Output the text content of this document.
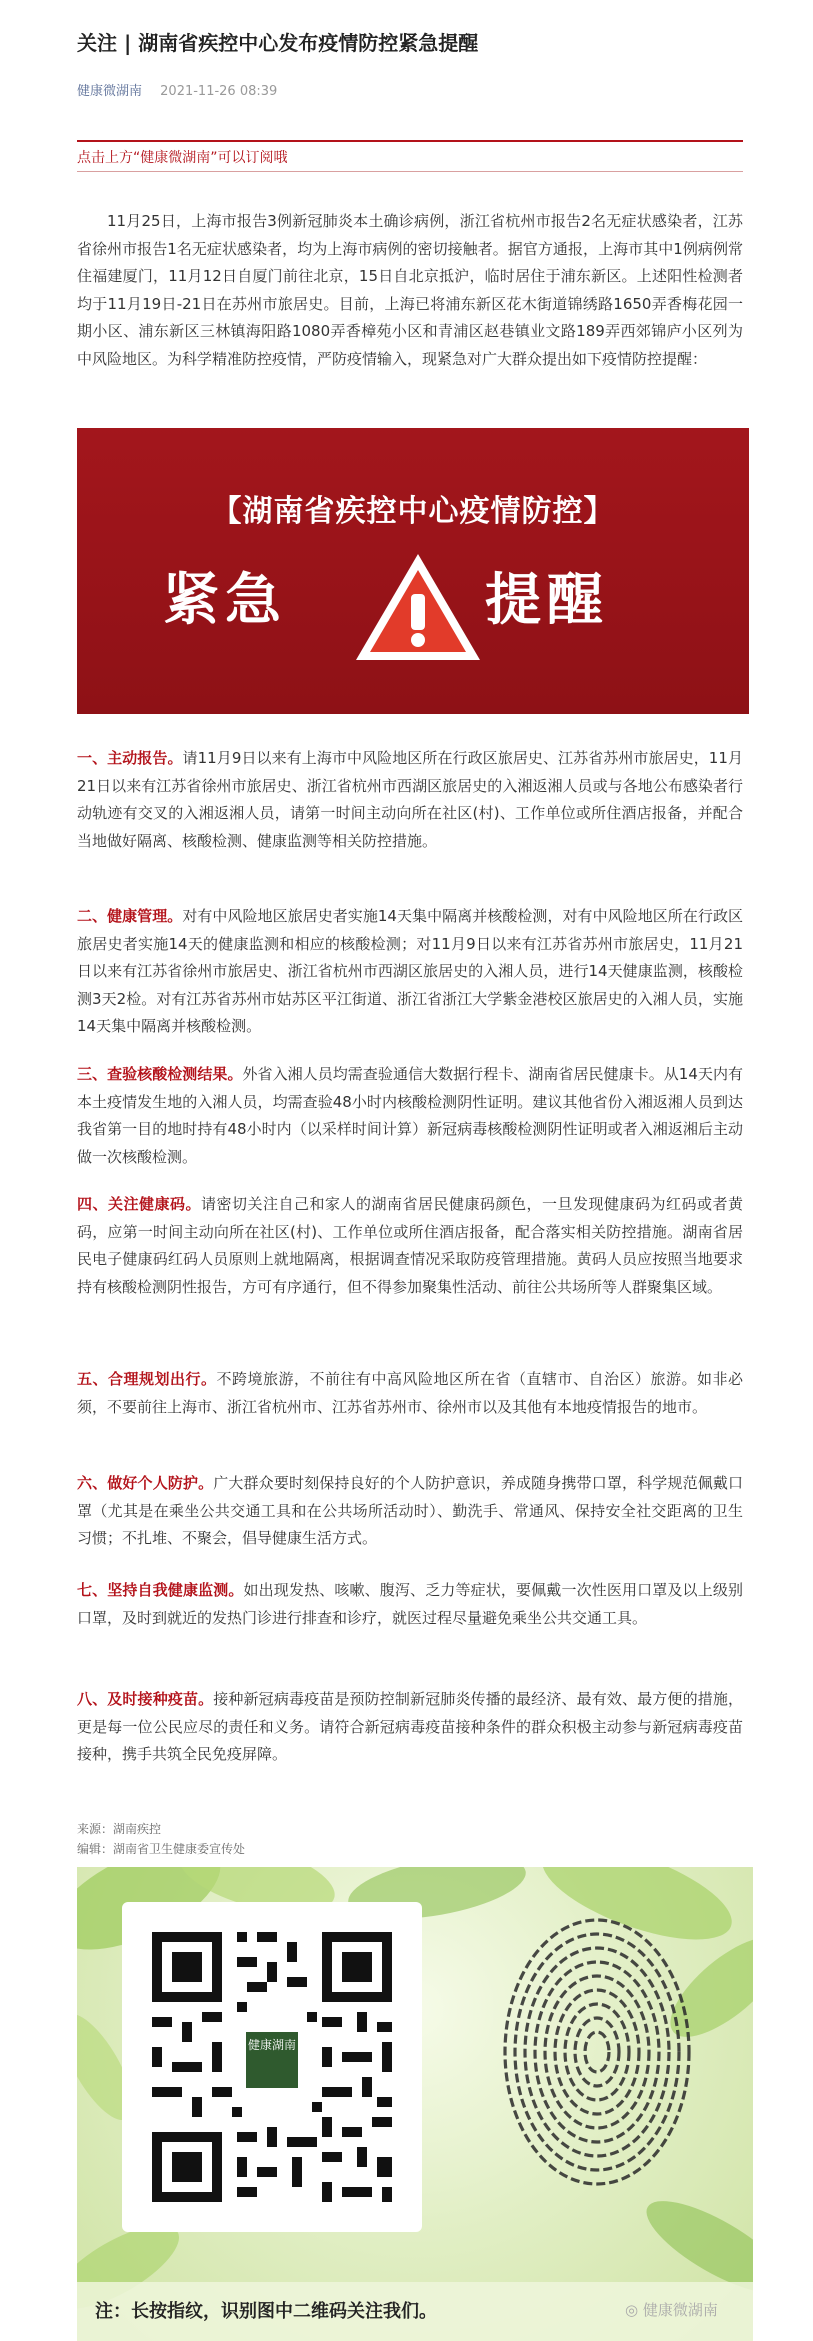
关注 | 湖南省疾控中心发布疫情防控紧急提醒
健康微湖南 2021-11-26 08:39
点击上方“健康微湖南”可以订阅哦
11月25日，上海市报告3例新冠肺炎本土确诊病例，浙江省杭州市报告2名无症状感染者，江苏省徐州市报告1名无症状感染者，均为上海市病例的密切接触者。据官方通报，上海市其中1例病例常住福建厦门，11月12日自厦门前往北京，15日自北京抵沪，临时居住于浦东新区。上述阳性检测者均于11月19日-21日在苏州市旅居史。目前，上海已将浦东新区花木街道锦绣路1650弄香梅花园一期小区、浦东新区三林镇海阳路1080弄香樟苑小区和青浦区赵巷镇业文路189弄西郊锦庐小区列为中风险地区。为科学精准防控疫情，严防疫情输入，现紧急对广大群众提出如下疫情防控提醒：
【湖南省疾控中心疫情防控】
紧急	提醒
一、主动报告。请11月9日以来有上海市中风险地区所在行政区旅居史、江苏省苏州市旅居史，11月21日以来有江苏省徐州市旅居史、浙江省杭州市西湖区旅居史的入湘返湘人员或与各地公布感染者行动轨迹有交叉的入湘返湘人员，请第一时间主动向所在社区(村)、工作单位或所住酒店报备，并配合当地做好隔离、核酸检测、健康监测等相关防控措施。
二、健康管理。对有中风险地区旅居史者实施14天集中隔离并核酸检测，对有中风险地区所在行政区旅居史者实施14天的健康监测和相应的核酸检测；对11月9日以来有江苏省苏州市旅居史，11月21日以来有江苏省徐州市旅居史、浙江省杭州市西湖区旅居史的入湘人员，进行14天健康监测，核酸检测3天2检。对有江苏省苏州市姑苏区平江街道、浙江省浙江大学紫金港校区旅居史的入湘人员，实施14天集中隔离并核酸检测。
三、查验核酸检测结果。外省入湘人员均需查验通信大数据行程卡、湖南省居民健康卡。从14天内有本土疫情发生地的入湘人员，均需查验48小时内核酸检测阴性证明。建议其他省份入湘返湘人员到达我省第一目的地时持有48小时内（以采样时间计算）新冠病毒核酸检测阴性证明或者入湘返湘后主动做一次核酸检测。
四、关注健康码。请密切关注自己和家人的湖南省居民健康码颜色，一旦发现健康码为红码或者黄码，应第一时间主动向所在社区(村)、工作单位或所住酒店报备，配合落实相关防控措施。湖南省居民电子健康码红码人员原则上就地隔离，根据调查情况采取防疫管理措施。黄码人员应按照当地要求持有核酸检测阴性报告，方可有序通行，但不得参加聚集性活动、前往公共场所等人群聚集区域。
五、合理规划出行。不跨境旅游，不前往有中高风险地区所在省（直辖市、自治区）旅游。如非必须，不要前往上海市、浙江省杭州市、江苏省苏州市、徐州市以及其他有本地疫情报告的地市。
六、做好个人防护。广大群众要时刻保持良好的个人防护意识，养成随身携带口罩，科学规范佩戴口罩（尤其是在乘坐公共交通工具和在公共场所活动时）、勤洗手、常通风、保持安全社交距离的卫生习惯；不扎堆、不聚会，倡导健康生活方式。
七、坚持自我健康监测。如出现发热、咳嗽、腹泻、乏力等症状，要佩戴一次性医用口罩及以上级别口罩，及时到就近的发热门诊进行排查和诊疗，就医过程尽量避免乘坐公共交通工具。
八、及时接种疫苗。接种新冠病毒疫苗是预防控制新冠肺炎传播的最经济、最有效、最方便的措施，更是每一位公民应尽的责任和义务。请符合新冠病毒疫苗接种条件的群众积极主动参与新冠病毒疫苗接种，携手共筑全民免疫屏障。
来源：湖南疾控
编辑：湖南省卫生健康委宣传处
健康湖南
注：长按指纹，识别图中二维码关注我们。	◎ 健康微湖南
